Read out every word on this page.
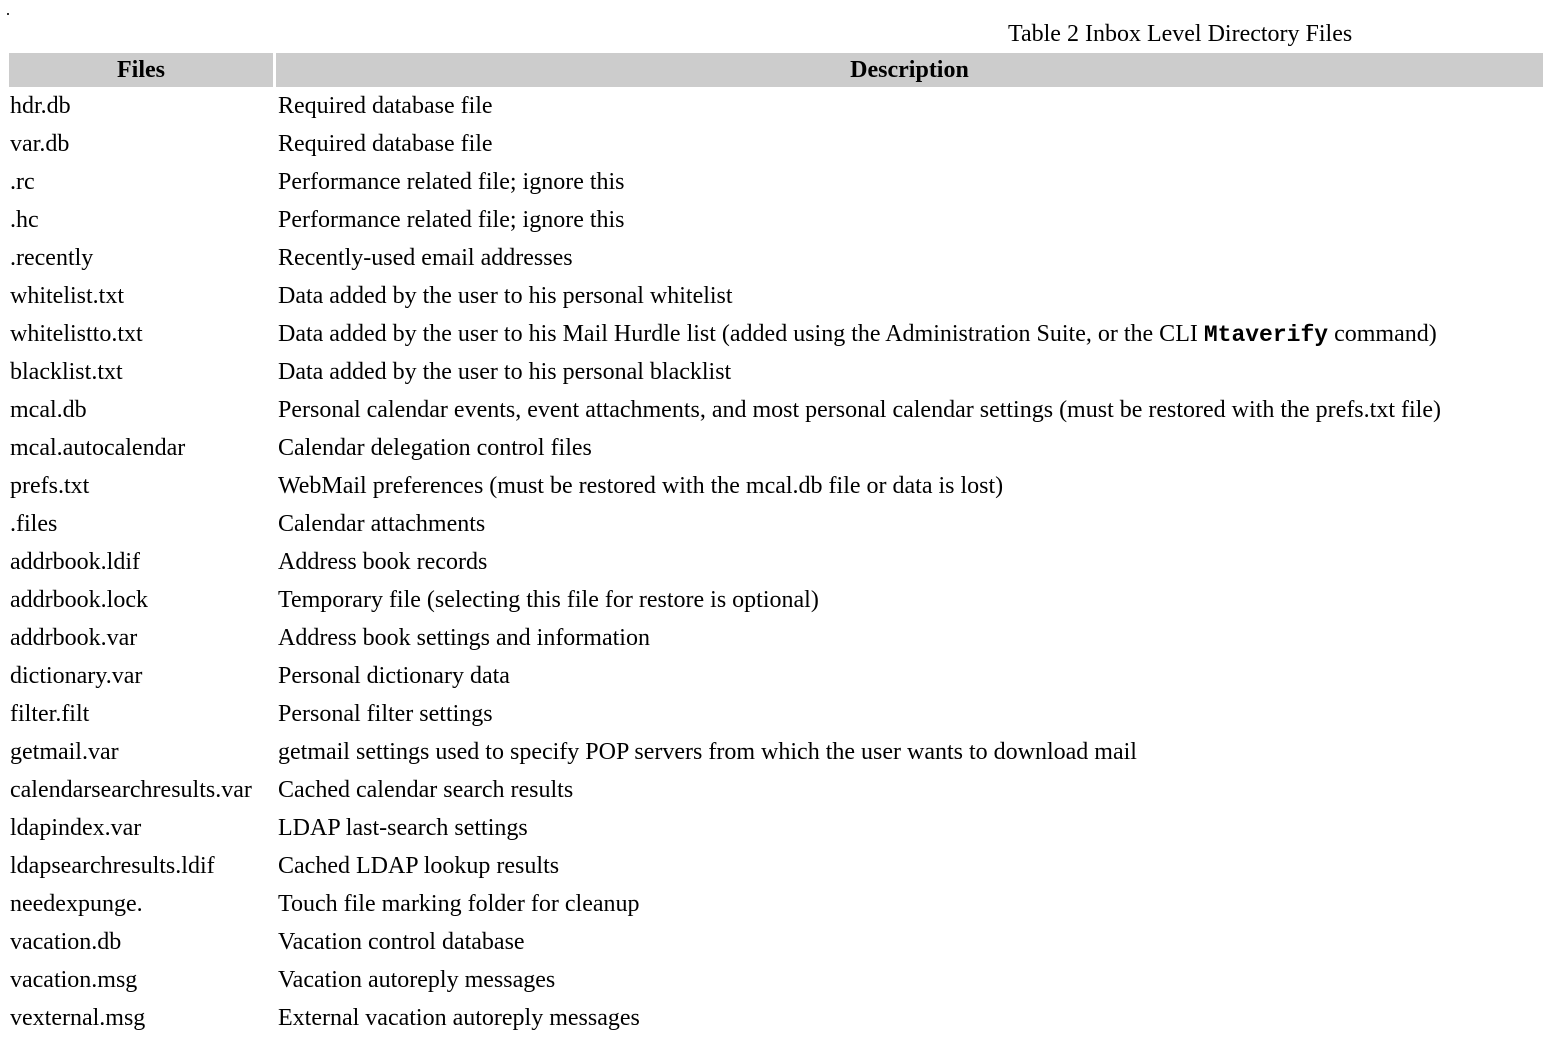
Table 2 Inbox Level Directory Files
Files	Description
hdr.db	Required database file
var.db	Required database file
.rc	Performance related file; ignore this
.hc	Performance related file; ignore this
.recently	Recently-used email addresses
whitelist.txt	Data added by the user to his personal whitelist
whitelistto.txt	Data added by the user to his Mail Hurdle list (added using the Administration Suite, or the CLI Mtaverify command)
blacklist.txt	Data added by the user to his personal blacklist
mcal.db	Personal calendar events, event attachments, and most personal calendar settings (must be restored with the prefs.txt file)
mcal.autocalendar	Calendar delegation control files
prefs.txt	WebMail preferences (must be restored with the mcal.db file or data is lost)
.files	Calendar attachments
addrbook.ldif	Address book records
addrbook.lock	Temporary file (selecting this file for restore is optional)
addrbook.var	Address book settings and information
dictionary.var	Personal dictionary data
filter.filt	Personal filter settings
getmail.var	getmail settings used to specify POP servers from which the user wants to download mail
calendarsearchresults.var	Cached calendar search results
ldapindex.var	LDAP last-search settings
ldapsearchresults.ldif	Cached LDAP lookup results
needexpunge.	Touch file marking folder for cleanup
vacation.db	Vacation control database
vacation.msg	Vacation autoreply messages
vexternal.msg	External vacation autoreply messages
